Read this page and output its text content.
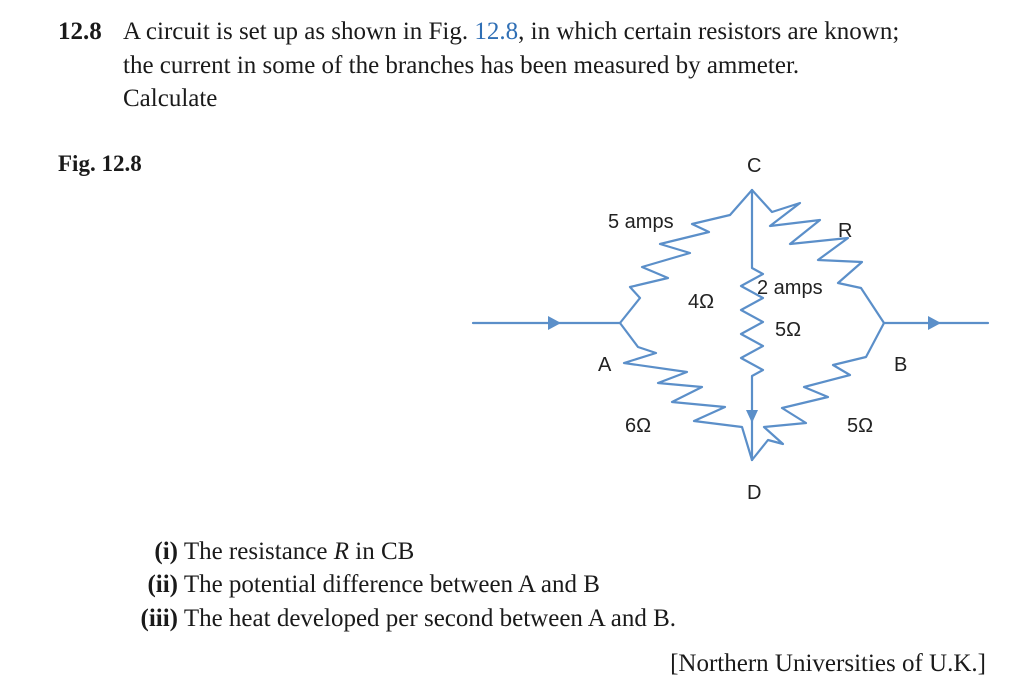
12.8 A circuit is set up as shown in Fig. 12.8, in which certain resistors are known;
the current in some of the branches has been measured by ammeter.
Calculate
Fig. 12.8
A	B
C
D
5 amps
2 amps
4Ω
5Ω
6Ω	5Ω
R
(i) The resistance R in CB
(ii) The potential difference between A and B
(iii) The heat developed per second between A and B.
[Northern Universities of U.K.]
